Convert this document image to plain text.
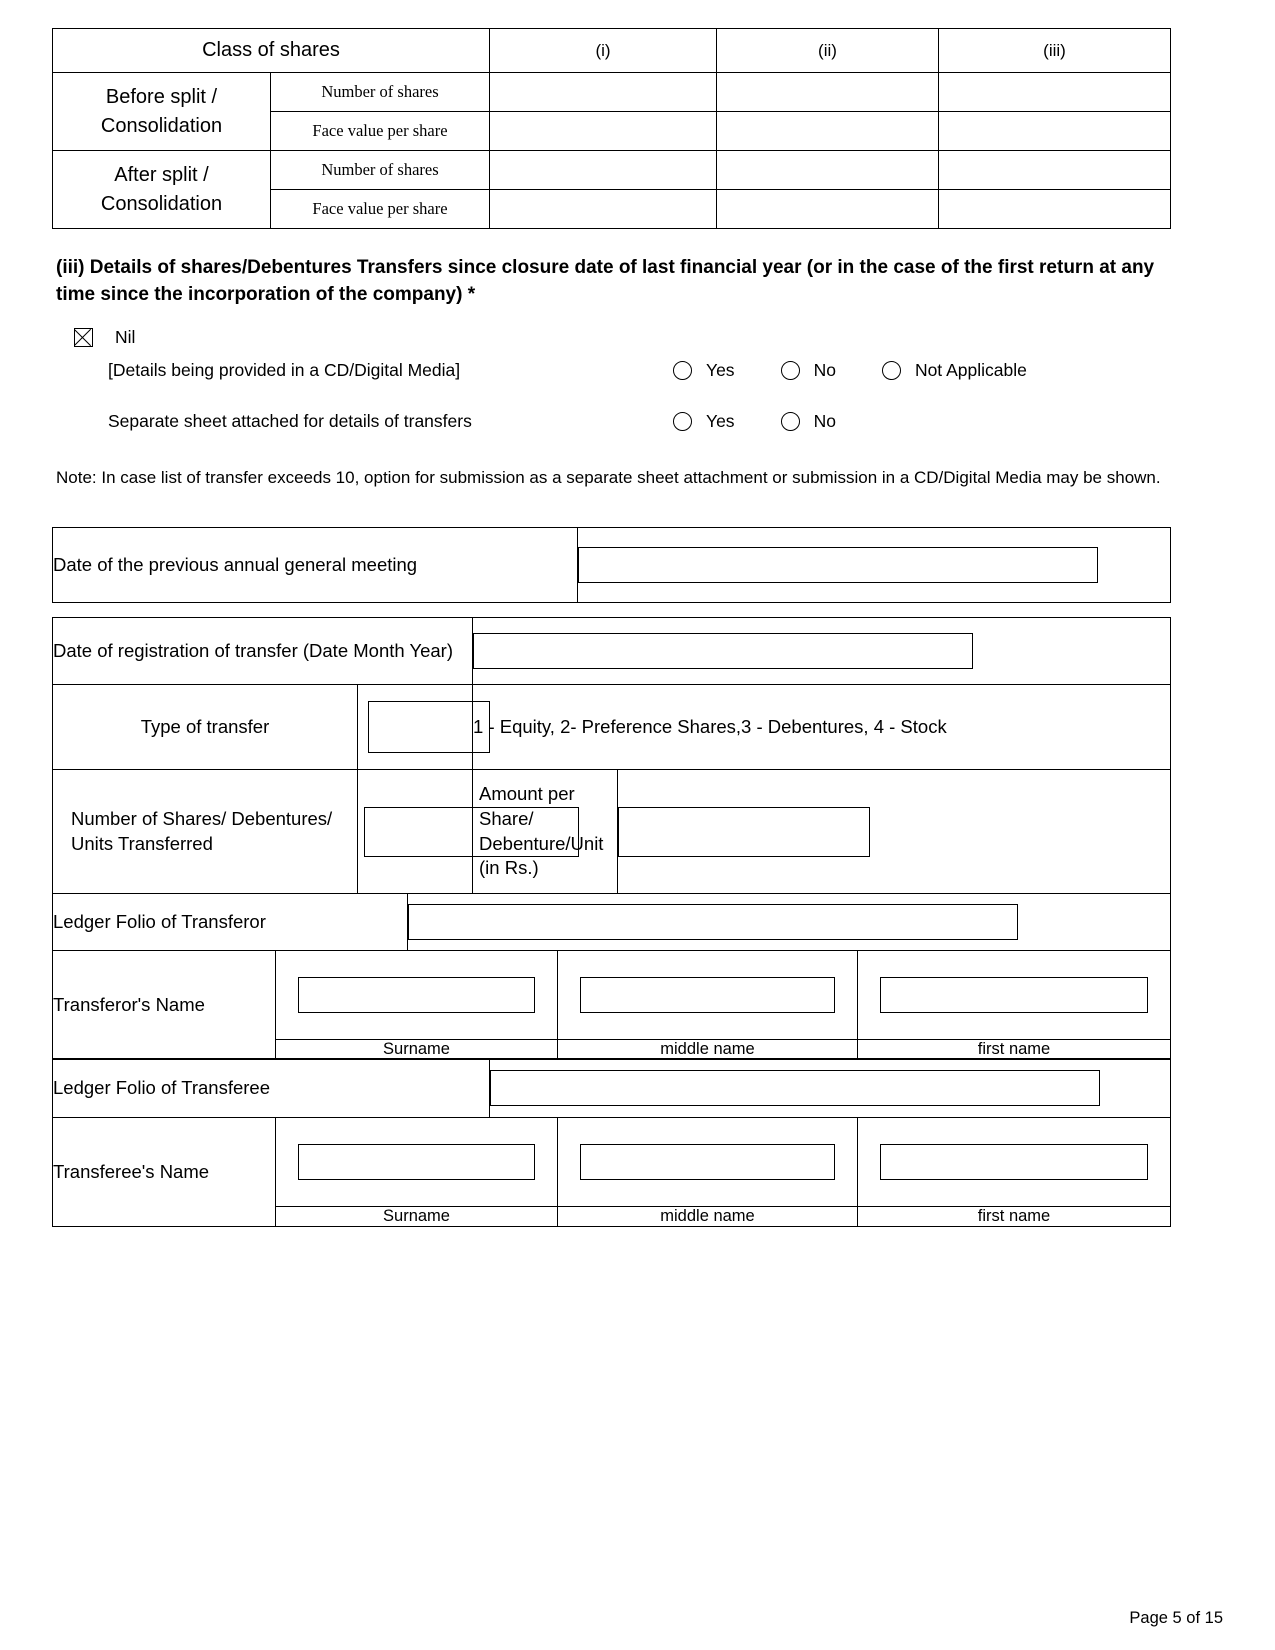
Class of shares		(i)	(ii)	(iii)

Before split /
Consolidation	Number of shares			
	Face value per share			

After split /
Consolidation	Number of shares			
	Face value per share			
(iii) Details of shares/Debentures Transfers since closure date of last financial year (or in the case of the first return at any time since the incorporation of the company) *
Nil
[Details being provided in a CD/Digital Media]	Yes	No	Not Applicable
Separate sheet attached for details of transfers	Yes	No
Note: In case list of transfer exceeds 10, option for submission as a separate sheet attachment or submission in a CD/Digital Media may be shown.
Date of the previous annual general meeting	
Date of registration of transfer (Date Month Year)				

Type of transfer			1 - Equity, 2- Preference Shares,3 - Debentures, 4 - Stock	

Number of Shares/ Debentures/
Units Transferred

Amount per Share/
Debenture/Unit (in Rs.)

Ledger Folio of Transferor				
Transferor's Name	

	Surname	middle name	first name
Ledger Folio of Transferee	
Transferee's Name	

	Surname	middle name	first name
Page 5 of 15
